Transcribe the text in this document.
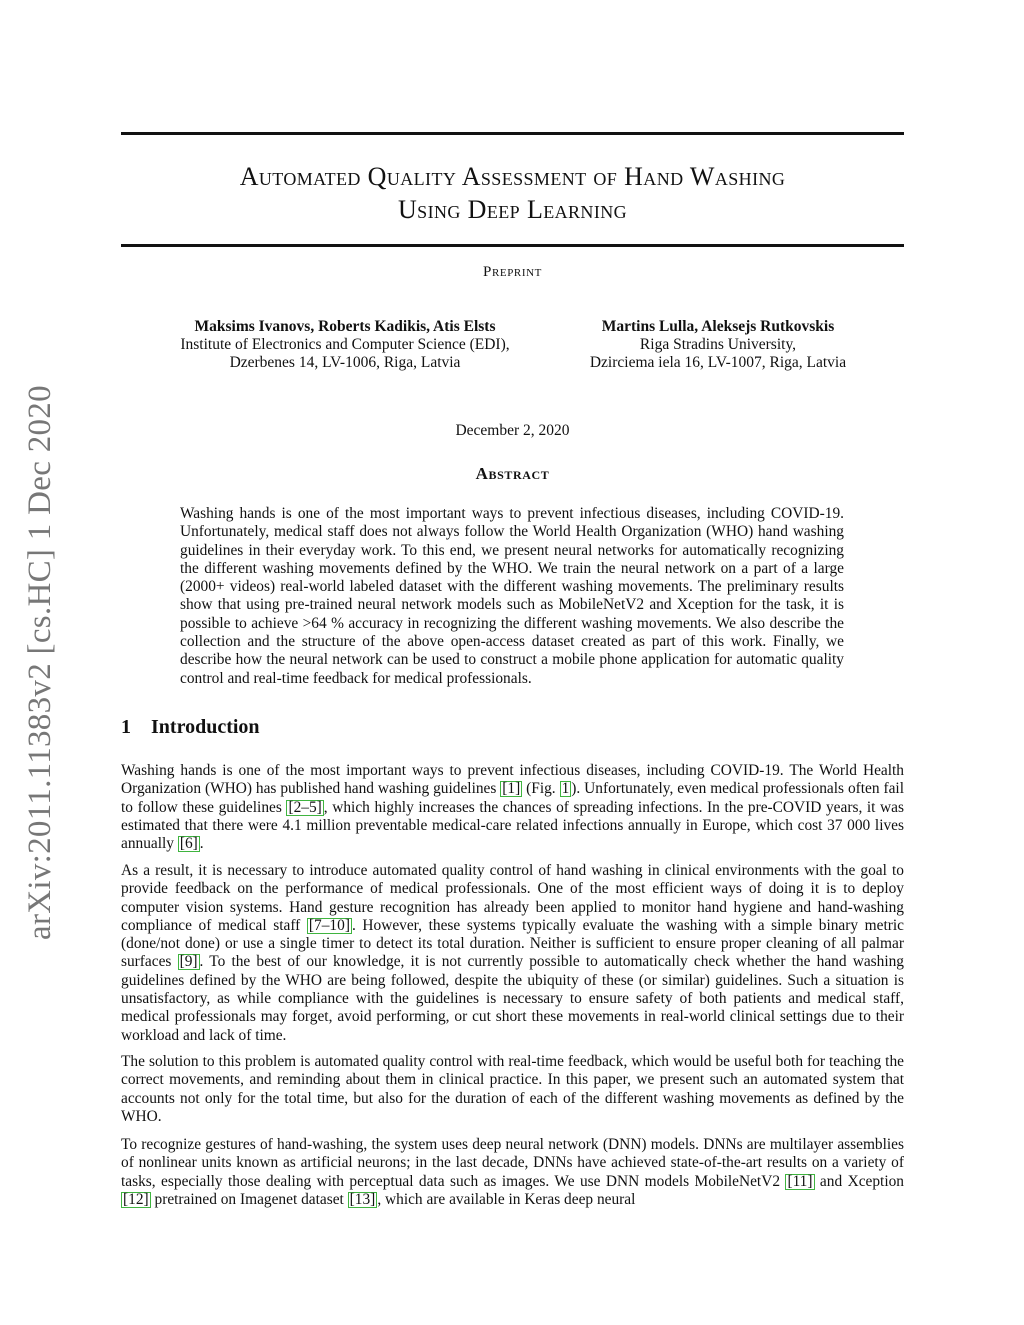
arXiv:2011.11383v2 [cs.HC] 1 Dec 2020
Automated Quality Assessment of Hand Washing
Using Deep Learning
Preprint
Maksims Ivanovs, Roberts Kadikis, Atis Elsts
Institute of Electronics and Computer Science (EDI),
Dzerbenes 14, LV-1006, Riga, Latvia
Martins Lulla, Aleksejs Rutkovskis
Riga Stradins University,
Dzirciema iela 16, LV-1007, Riga, Latvia
December 2, 2020
Abstract
Washing hands is one of the most important ways to prevent infectious diseases, including COVID-19. Unfortunately, medical staff does not always follow the World Health Organization (WHO) hand washing guidelines in their everyday work. To this end, we present neural networks for automatically recognizing the different washing movements defined by the WHO. We train the neural network on a part of a large (2000+ videos) real-world labeled dataset with the different washing movements. The preliminary results show that using pre-trained neural network models such as MobileNetV2 and Xception for the task, it is possible to achieve >64 % accuracy in recognizing the different washing movements. We also describe the collection and the structure of the above open-access dataset created as part of this work. Finally, we describe how the neural network can be used to construct a mobile phone application for automatic quality control and real-time feedback for medical professionals.
1 Introduction
Washing hands is one of the most important ways to prevent infectious diseases, including COVID-19. The World Health Organization (WHO) has published hand washing guidelines [1] (Fig. 1 ). Unfortunately, even medical professionals often fail to follow these guidelines [2–5] , which highly increases the chances of spreading infections. In the pre-COVID years, it was estimated that there were 4.1 million preventable medical-care related infections annually in Europe, which cost 37 000 lives annually [6] .
As a result, it is necessary to introduce automated quality control of hand washing in clinical environments with the goal to provide feedback on the performance of medical professionals. One of the most efficient ways of doing it is to deploy computer vision systems. Hand gesture recognition has already been applied to monitor hand hygiene and hand-washing compliance of medical staff [7–10] . However, these systems typically evaluate the washing with a simple binary metric (done/not done) or use a single timer to detect its total duration. Neither is sufficient to ensure proper cleaning of all palmar surfaces [9] . To the best of our knowledge, it is not currently possible to automatically check whether the hand washing guidelines defined by the WHO are being followed, despite the ubiquity of these (or similar) guidelines. Such a situation is unsatisfactory, as while compliance with the guidelines is necessary to ensure safety of both patients and medical staff, medical professionals may forget, avoid performing, or cut short these movements in real-world clinical settings due to their workload and lack of time.
The solution to this problem is automated quality control with real-time feedback, which would be useful both for teaching the correct movements, and reminding about them in clinical practice. In this paper, we present such an automated system that accounts not only for the total time, but also for the duration of each of the different washing movements as defined by the WHO.
To recognize gestures of hand-washing, the system uses deep neural network (DNN) models. DNNs are multilayer assemblies of nonlinear units known as artificial neurons; in the last decade, DNNs have achieved state-of-the-art results on a variety of tasks, especially those dealing with perceptual data such as images. We use DNN models MobileNetV2 [11] and Xception [12] pretrained on Imagenet dataset [13] , which are available in Keras deep neural
